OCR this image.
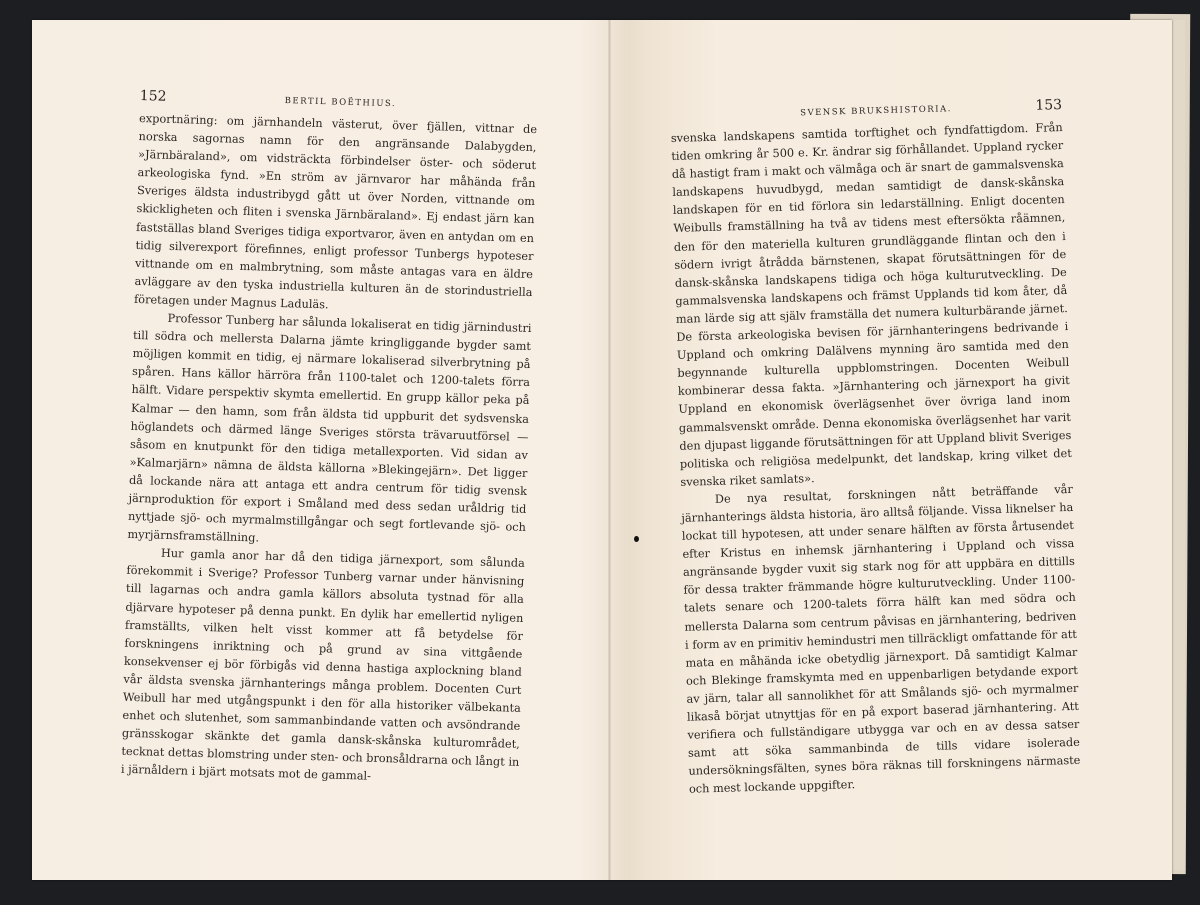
152	BERTIL BOËTHIUS.

exportnäring: om järnhandeln västerut, över fjällen, vittnar de norska sagornas namn för den angränsande Dalabygden, »Järnbäraland», om vidsträckta förbindelser öster- och söderut arkeologiska fynd. »En ström av järnvaror har måhända från Sveriges äldsta industribygd gått ut över Norden, vittnande om skickligheten och fliten i svenska Järnbäraland». Ej endast järn kan fastställas bland Sveriges tidiga exportvaror, även en antydan om en tidig silverexport förefinnes, enligt professor Tunbergs hypoteser vittnande om en malmbrytning, som måste antagas vara en äldre avläggare av den tyska industriella kulturen än de storindustriella företagen under Magnus Laduläs.

Professor Tunberg har sålunda lokaliserat en tidig järnindustri till södra och mellersta Dalarna jämte kringliggande bygder samt möjligen kommit en tidig, ej närmare lokaliserad silverbrytning på spåren. Hans källor härröra från 1100-talet och 1200-talets förra hälft. Vidare perspektiv skymta emellertid. En grupp källor peka på Kalmar — den hamn, som från äldsta tid uppburit det sydsvenska höglandets och därmed länge Sveriges största trävaruutförsel — såsom en knutpunkt för den tidiga metallexporten. Vid sidan av »Kalmarjärn» nämna de äldsta källorna »Blekingejärn». Det ligger då lockande nära att antaga ett andra centrum för tidig svensk järnproduktion för export i Småland med dess sedan uråldrig tid nyttjade sjö- och myrmalmstillgångar och segt fortlevande sjö- och myrjärnsframställning.

Hur gamla anor har då den tidiga järnexport, som sålunda förekommit i Sverige? Professor Tunberg varnar under hänvisning till lagarnas och andra gamla källors absoluta tystnad för alla djärvare hypoteser på denna punkt. En dylik har emellertid nyligen framställts, vilken helt visst kommer att få betydelse för forskningens inriktning och på grund av sina vittgående konsekvenser ej bör förbigås vid denna hastiga axplockning bland vår äldsta svenska järnhanterings många problem. Docenten Curt Weibull har med utgångspunkt i den för alla historiker välbekanta enhet och slutenhet, som sammanbindande vatten och avsöndrande gränsskogar skänkte det gamla dansk-skånska kulturområdet, tecknat dettas blomstring under sten- och bronsåldrarna och långt in i järnåldern i bjärt motsats mot de gammal-

SVENSK BRUKSHISTORIA.	153

svenska landskapens samtida torftighet och fyndfattigdom. Från tiden omkring år 500 e. Kr. ändrar sig förhållandet. Uppland rycker då hastigt fram i makt och välmåga och är snart de gammalsvenska landskapens huvudbygd, medan samtidigt de dansk-skånska landskapen för en tid förlora sin ledarställning. Enligt docenten Weibulls framställning ha två av tidens mest eftersökta råämnen, den för den materiella kulturen grundläggande flintan och den i södern ivrigt åtrådda bärnstenen, skapat förutsättningen för de dansk-skånska landskapens tidiga och höga kulturutveckling. De gammalsvenska landskapens och främst Upplands tid kom åter, då man lärde sig att själv framställa det numera kulturbärande järnet. De första arkeologiska bevisen för järnhanteringens bedrivande i Uppland och omkring Dalälvens mynning äro samtida med den begynnande kulturella uppblomstringen. Docenten Weibull kombinerar dessa fakta. »Järnhantering och järnexport ha givit Uppland en ekonomisk överlägsenhet över övriga land inom gammalsvenskt område. Denna ekonomiska överlägsenhet har varit den djupast liggande förutsättningen för att Uppland blivit Sveriges politiska och religiösa medelpunkt, det landskap, kring vilket det svenska riket samlats».

De nya resultat, forskningen nått beträffande vår järnhanterings äldsta historia, äro alltså följande. Vissa liknelser ha lockat till hypotesen, att under senare hälften av första årtusendet efter Kristus en inhemsk järnhantering i Uppland och vissa angränsande bygder vuxit sig stark nog för att uppbära en dittills för dessa trakter främmande högre kulturutveckling. Under 1100-talets senare och 1200-talets förra hälft kan med södra och mellersta Dalarna som centrum påvisas en järnhantering, bedriven i form av en primitiv hemindustri men tillräckligt omfattande för att mata en måhända icke obetydlig järnexport. Då samtidigt Kalmar och Blekinge framskymta med en uppenbarligen betydande export av järn, talar all sannolikhet för att Smålands sjö- och myrmalmer likaså börjat utnyttjas för en på export baserad järnhantering. Att verifiera och fullständigare utbygga var och en av dessa satser samt att söka sammanbinda de tills vidare isolerade undersökningsfälten, synes böra räknas till forskningens närmaste och mest lockande uppgifter.
